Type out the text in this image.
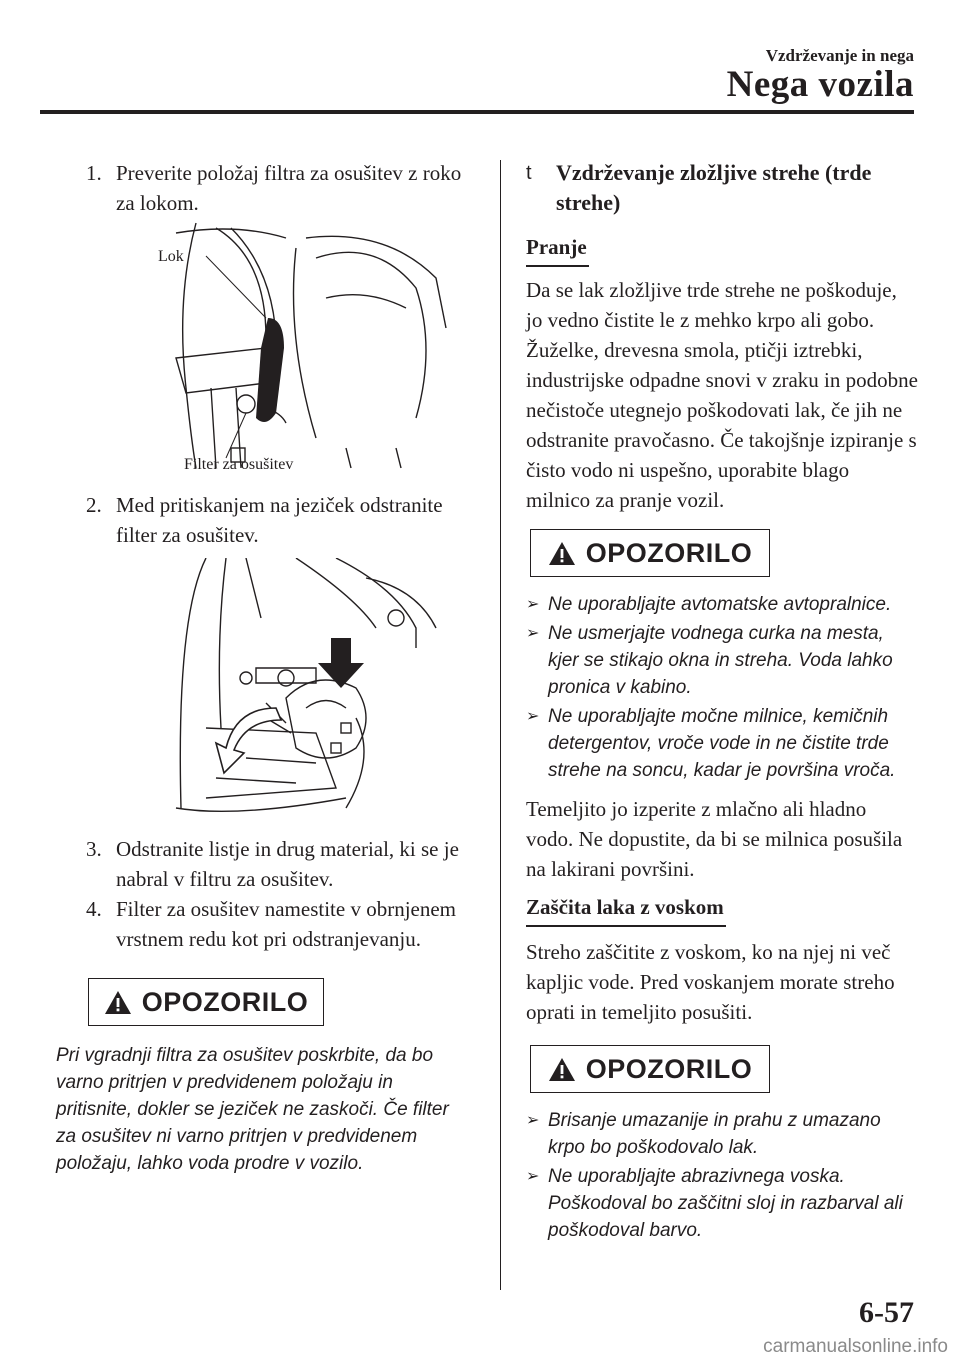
Vzdrževanje in nega
Nega vozila

1. Preverite položaj filtra za osušitev z roko za lokom.

Lok
Filter za osušitev

2. Med pritiskanjem na jeziček odstranite filter za osušitev.

3. Odstranite listje in drug material, ki se je nabral v filtru za osušitev.

4. Filter za osušitev namestite v obrnjenem vrstnem redu kot pri odstranjevanju.

OPOZORILO

Pri vgradnji filtra za osušitev poskrbite, da bo varno pritrjen v predvidenem položaju in pritisnite, dokler se jeziček ne zaskoči. Če filter za osušitev ni varno pritrjen v predvidenem položaju, lahko voda prodre v vozilo.

t Vzdrževanje zložljive strehe (trde strehe)

Pranje

Da se lak zložljive trde strehe ne poškoduje, jo vedno čistite le z mehko krpo ali gobo.

Žuželke, drevesna smola, ptičji iztrebki, industrijske odpadne snovi v zraku in podobne nečistoče utegnejo poškodovati lak, če jih ne odstranite pravočasno. Če takojšnje izpiranje s čisto vodo ni uspešno, uporabite blago milnico za pranje vozil.

OPOZORILO

➢ Ne uporabljajte avtomatske avtopralnice.

➢ Ne usmerjajte vodnega curka na mesta, kjer se stikajo okna in streha. Voda lahko pronica v kabino.

➢ Ne uporabljajte močne milnice, kemičnih detergentov, vroče vode in ne čistite trde strehe na soncu, kadar je površina vroča.

Temeljito jo izperite z mlačno ali hladno vodo. Ne dopustite, da bi se milnica posušila na lakirani površini.

Zaščita laka z voskom

Streho zaščitite z voskom, ko na njej ni več kapljic vode. Pred voskanjem morate streho oprati in temeljito posušiti.

OPOZORILO

➢ Brisanje umazanije in prahu z umazano krpo bo poškodovalo lak.

➢ Ne uporabljajte abrazivnega voska. Poškodoval bo zaščitni sloj in razbarval ali poškodoval barvo.

6-57
carmanualsonline.info
